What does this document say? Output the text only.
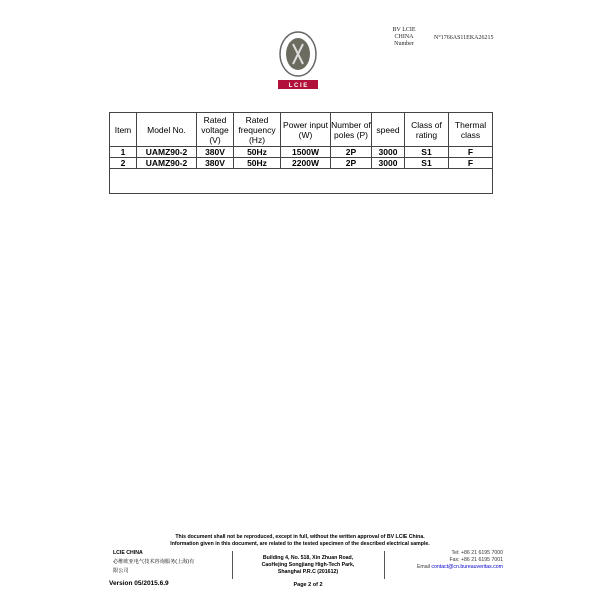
L C I E
BV LCIE
CHINA
Number
N°1766AS11EKA26215
Item	Model No.	Rated voltage (V)	Rated frequency (Hz)	Power input (W)	Number of poles (P)	speed	Class of rating	Thermal class
1	UAMZ90-2	380V	50Hz	1500W	2P	3000	S1	F
2	UAMZ90-2	380V	50Hz	2200W	2P	3000	S1	F

This document shall not be reproduced, except in full, without the written approval of BV LCIE China.
Information given in this document, are related to the tested specimen of the described electrical sample.
LCIE CHINA
必维欧亚电气技术咨询服务(上海)有
限公司
Version 05/2015.6.9
Building 4, No. 518, Xin Zhuan Road,
CaoHejing Songjiang High-Tech Park,
Shanghai P.R.C (201612)
Page 2 of 2
Tel: +86 21 6195 7000
Fax: +86 21 6195 7001
Email contact@cn.bureauveritas.com
